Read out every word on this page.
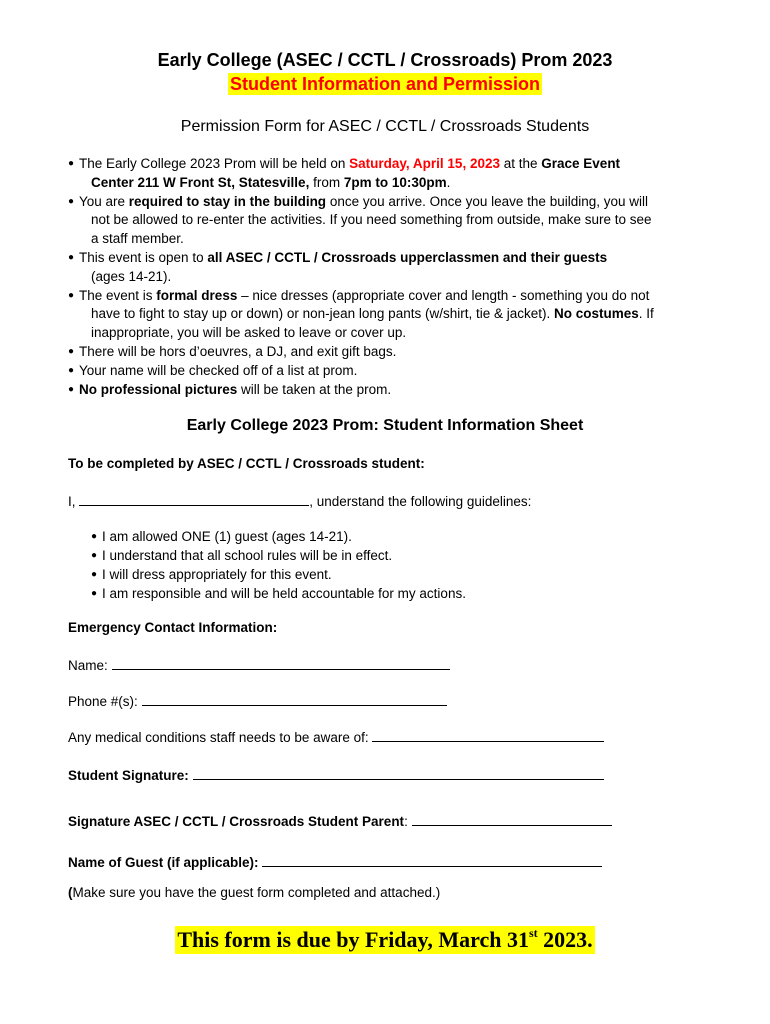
Early College (ASEC / CCTL / Crossroads) Prom 2023
Student Information and Permission
Permission Form for ASEC / CCTL / Crossroads Students
● The Early College 2023 Prom will be held on Saturday, April 15, 2023 at the Grace Event
Center 211 W Front St, Statesville, from 7pm to 10:30pm.
● You are required to stay in the building once you arrive. Once you leave the building, you will
not be allowed to re-enter the activities. If you need something from outside, make sure to see
a staff member.
● This event is open to all ASEC / CCTL / Crossroads upperclassmen and their guests
(ages 14-21).
● The event is formal dress – nice dresses (appropriate cover and length - something you do not
have to fight to stay up or down) or non-jean long pants (w/shirt, tie & jacket). No costumes. If
inappropriate, you will be asked to leave or cover up.
● There will be hors d’oeuvres, a DJ, and exit gift bags.
● Your name will be checked off of a list at prom.
● No professional pictures will be taken at the prom.
Early College 2023 Prom: Student Information Sheet
To be completed by ASEC / CCTL / Crossroads student:
I,	, understand the following guidelines:
● I am allowed ONE (1) guest (ages 14-21).
● I understand that all school rules will be in effect.
● I will dress appropriately for this event.
● I am responsible and will be held accountable for my actions.
Emergency Contact Information:
Name:
Phone #(s):
Any medical conditions staff needs to be aware of:
Student Signature:
Signature ASEC / CCTL / Crossroads Student Parent:
Name of Guest (if applicable):
(Make sure you have the guest form completed and attached.)
This form is due by Friday, March 31st 2023.
